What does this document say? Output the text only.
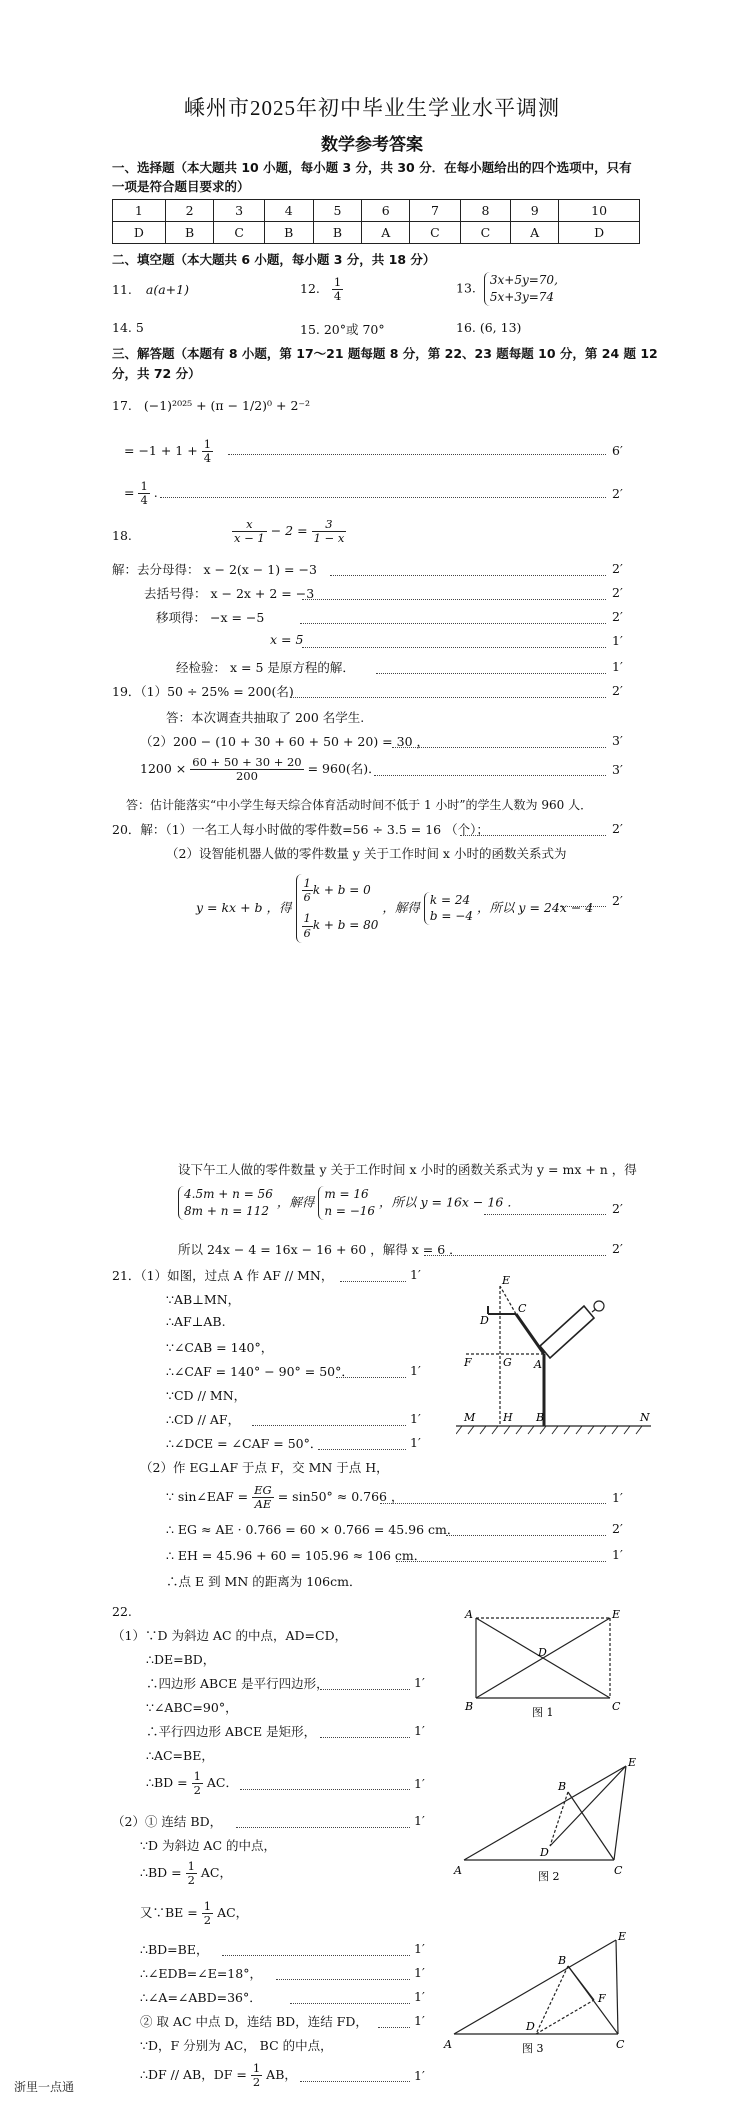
嵊州市2025年初中毕业生学业水平调测
数学参考答案
一、选择题（本大题共 10 小题，每小题 3 分，共 30 分．在每小题给出的四个选项中，只有
一项是符合题目要求的）
1	2	3	4	5	6	7	8	9	10
D	B	C	B	B	A	C	C	A	D
二、填空题（本大题共 6 小题，每小题 3 分，共 18 分）
11. a(a+1)	12. $\frac{1}{4}$	13.
3x+5y=70,
5x+3y=74
14. 5	15. 20°或 70°	16. (6, 13)
三、解答题（本题有 8 小题，第 17～21 题每题 8 分，第 22、23 题每题 10 分，第 24 题 12
分，共 72 分）
17. (−1)²⁰²⁵ + (π − 1/2)⁰ + 2⁻²
= $-1 + 1 + \frac{1}{4}$	6′
= $\frac{1}{4}$ .	2′
18.	$\frac{x}{x - 1} - 2 = \frac{3}{1 - x}$
解：去分母得： x − 2(x − 1) = −3	2′
去括号得： x − 2x + 2 = −3	2′
移项得： −x = −5	2′
x = 5	1′
经检验： x = 5 是原方程的解．	1′
19．（1）50 ÷ 25% = 200(名)	2′
答：本次调查共抽取了 200 名学生.
（2）200 − (10 + 30 + 60 + 50 + 20) = 30 ，	3′
$1200 \times \frac{60 + 50 + 30 + 20}{200} = 960$(名)．	3′
答：估计能落实“中小学生每天综合体育活动时间不低于 1 小时”的学生人数为 960 人．
20．解：（1）一名工人每小时做的零件数=56 ÷ 3.5 = 16 （个）；	2′
（2）设智能机器人做的零件数量 y 关于工作时间 x 小时的函数关系式为
y = kx + b ，得
$\frac{1}{6}$ k + b = 0
$\frac{1}{6}$ k + b = 80
，解得
k = 24
b = −4
，所以 y = 24x − 4 2′
设下午工人做的零件数量 y 关于工作时间 x 小时的函数关系式为 y = mx + n ，得
4.5m + n = 56
8m + n = 112
，解得
m = 16
n = −16
，所以 y = 16x − 16 ．	2′
所以 24x − 4 = 16x − 16 + 60 ，解得 x = 6 ．	2′
21．（1）如图，过点 A 作 AF // MN，	1′
∵AB⊥MN，
∴AF⊥AB.
∵∠CAB = 140°，
∴∠CAF = 140° − 90° = 50°．	1′
∵CD // MN，
∴CD // AF，	1′
∴∠DCE = ∠CAF = 50°．	1′
（2）作 EG⊥AF 于点 F，交 MN 于点 H，
∵ sin∠EAF = $\frac{EG}{AE} = \sin 50^\circ \approx 0.766$ ，	1′
∴ EG ≈ AE · 0.766 = 60 × 0.766 = 45.96 cm．	2′
∴ EH = 45.96 + 60 = 105.96 ≈ 106 cm．	1′
∴点 E 到 MN 的距离为 106cm．
E
C
D
F	G A
M	H B	N
22.
（1）∵D 为斜边 AC 的中点，AD=CD，
∴DE=BD，
∴四边形 ABCE 是平行四边形，	1′
∵∠ABC=90°，
∴平行四边形 ABCE 是矩形，	1′
∴AC=BE，
∴BD = $\frac{1}{2}$ AC．	1′
（2）① 连结 BD，	1′
∵D 为斜边 AC 的中点，
∴BD = $\frac{1}{2}$ AC，
又∵BE = $\frac{1}{2}$ AC，
∴BD=BE，	1′
∴∠EDB=∠E=18°，	1′
∴∠A=∠ABD=36°．	1′
② 取 AC 中点 D，连结 BD，连结 FD，	1′
∵D，F 分别为 AC， BC 的中点，
∴DF // AB，DF = $\frac{1}{2}$ AB，	1′
A	E
D
B	C
图 1
E
B
D
A	C
图 2
E
B
F
D
A	C
图 3
浙里一点通
